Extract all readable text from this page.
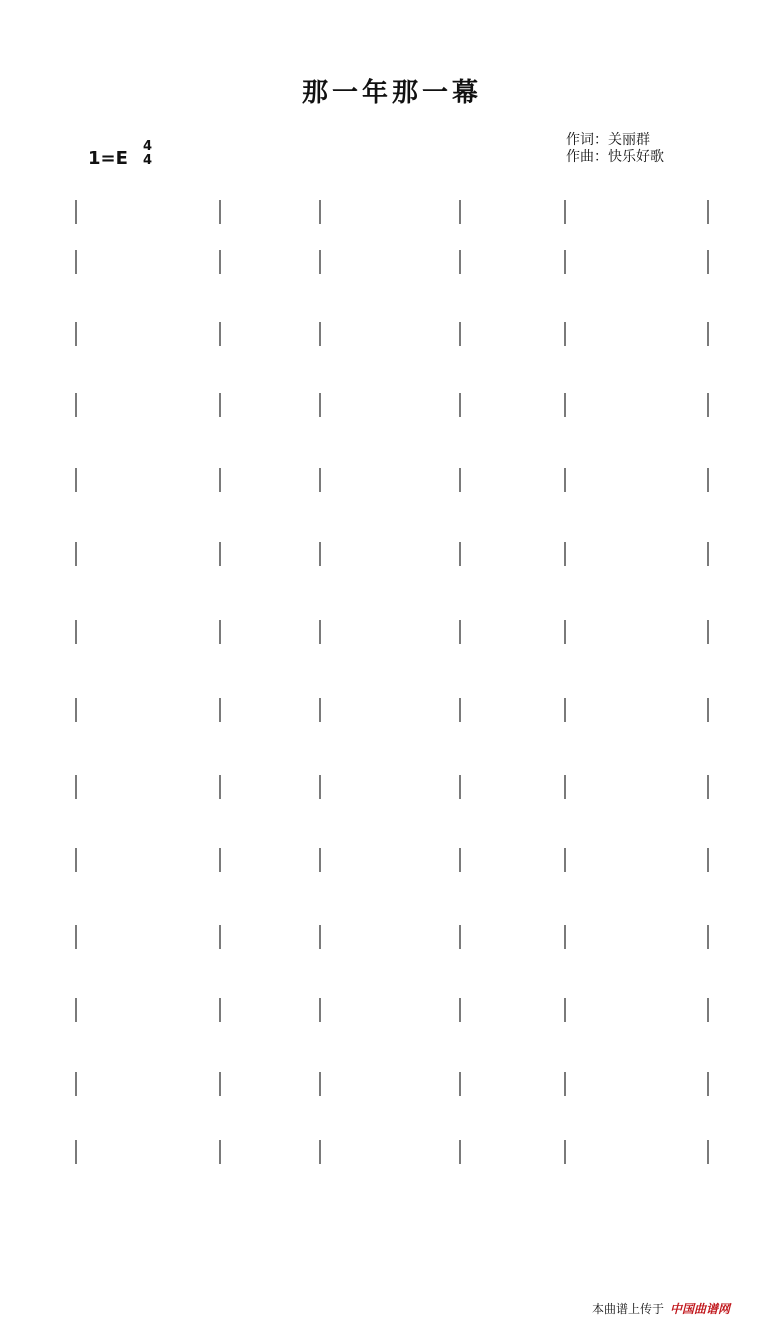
那一年那一幕
1=E
4
4
作词：关丽群
作曲：快乐好歌
本曲谱上传于 中国曲谱网
